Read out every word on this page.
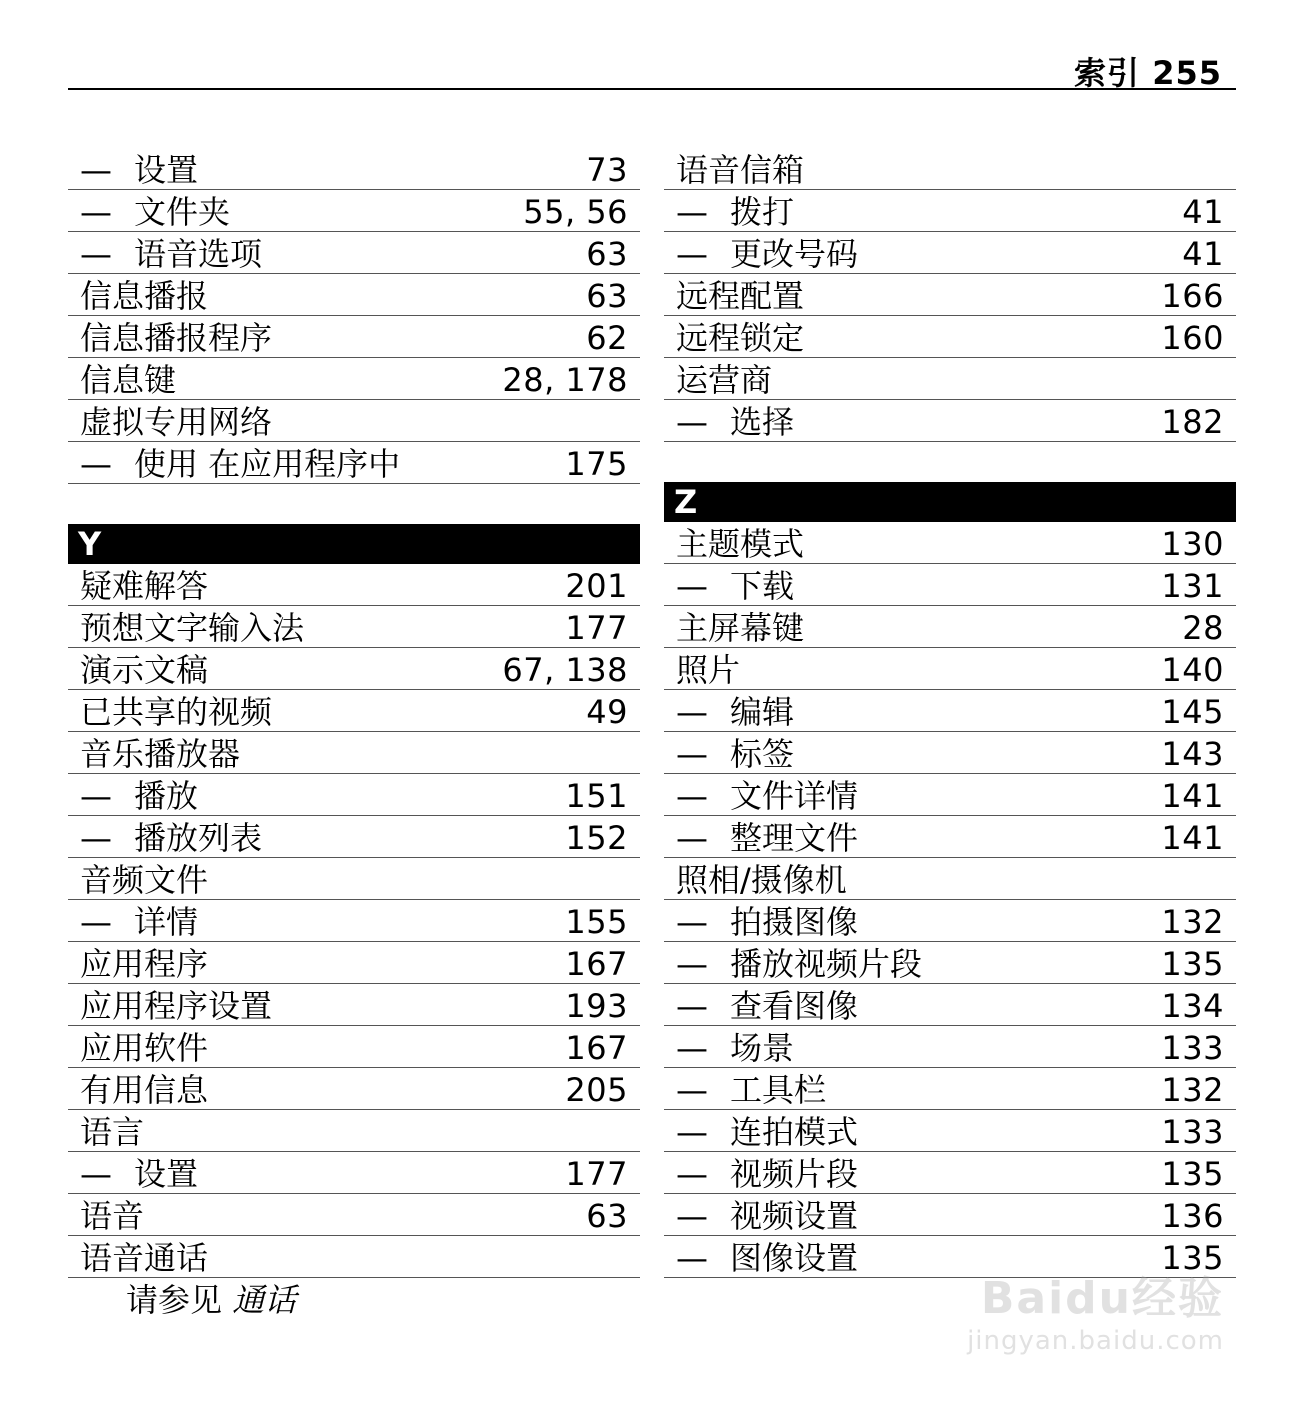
索引 255
— 设置	73
— 文件夹	55, 56
— 语音选项	63
信息播报	63
信息播报程序	62
信息键	28, 178
虚拟专用网络
— 使用 在应用程序中	175
Y
疑难解答	201
预想文字输入法	177
演示文稿	67, 138
已共享的视频	49
音乐播放器
— 播放	151
— 播放列表	152
音频文件
— 详情	155
应用程序	167
应用程序设置	193
应用软件	167
有用信息	205
语言
— 设置	177
语音	63
语音通话
请参见 通话
语音信箱
— 拨打	41
— 更改号码	41
远程配置	166
远程锁定	160
运营商
— 选择	182
Z
主题模式	130
— 下载	131
主屏幕键	28
照片	140
— 编辑	145
— 标签	143
— 文件详情	141
— 整理文件	141
照相/摄像机
— 拍摄图像	132
— 播放视频片段	135
— 查看图像	134
— 场景	133
— 工具栏	132
— 连拍模式	133
— 视频片段	135
— 视频设置	136
— 图像设置	135
Baidu经验
jingyan.baidu.com
